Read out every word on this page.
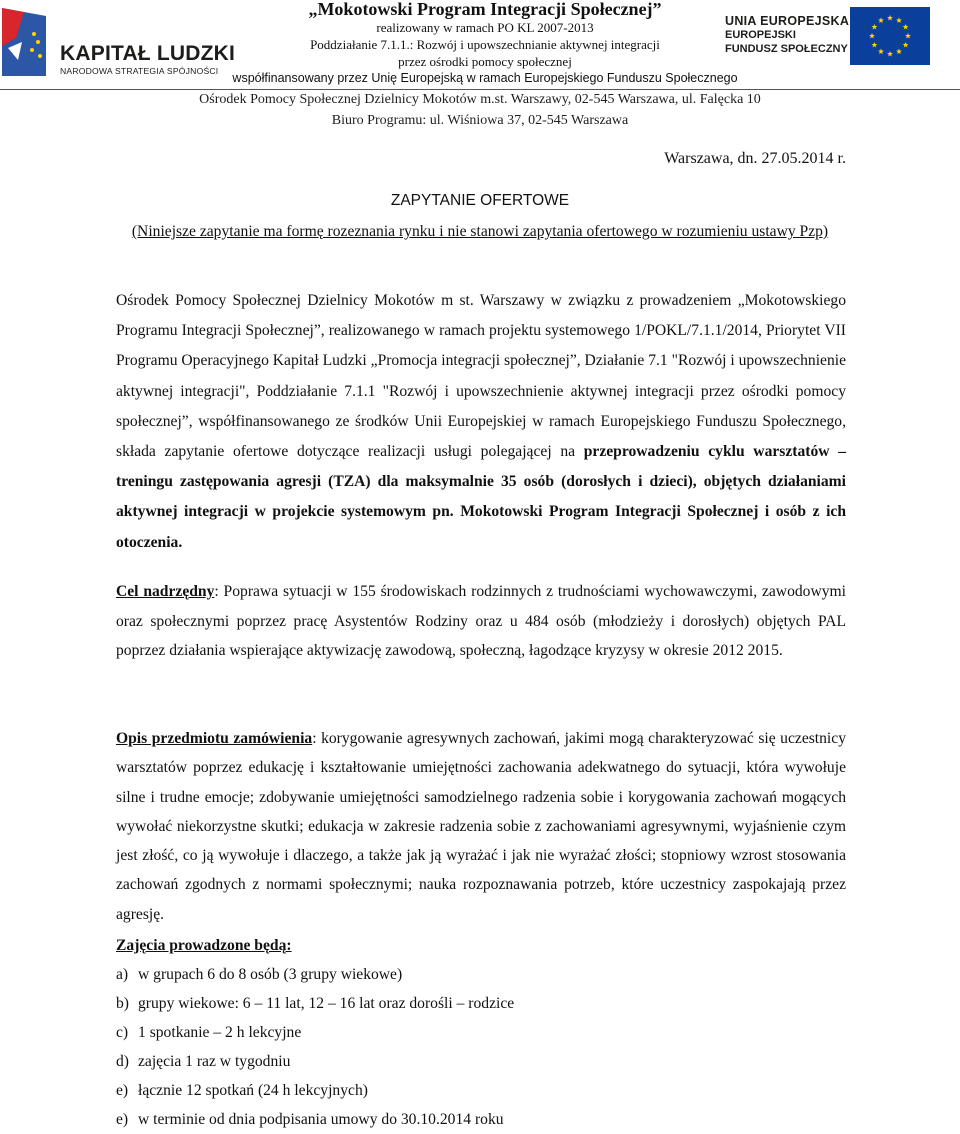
KAPITAŁ LUDZKI
NARODOWA STRATEGIA SPÓJNOŚCI
„Mokotowski Program Integracji Społecznej”
realizowany w ramach PO KL 2007-2013
Poddziałanie 7.1.1.: Rozwój i upowszechnianie aktywnej integracji
przez ośrodki pomocy społecznej
współfinansowany przez Unię Europejską w ramach Europejskiego Funduszu Społecznego
UNIA EUROPEJSKA
EUROPEJSKI
FUNDUSZ SPOŁECZNY
Ośrodek Pomocy Społecznej Dzielnicy Mokotów m.st. Warszawy, 02-545 Warszawa, ul. Falęcka 10
Biuro Programu: ul. Wiśniowa 37, 02-545 Warszawa
Warszawa, dn. 27.05.2014 r.
ZAPYTANIE OFERTOWE
(Niniejsze zapytanie ma formę rozeznania rynku i nie stanowi zapytania ofertowego w rozumieniu ustawy Pzp)
Ośrodek Pomocy Społecznej Dzielnicy Mokotów m st. Warszawy w związku z prowadzeniem „Mokotowskiego Programu Integracji Społecznej”, realizowanego w ramach projektu systemowego 1/POKL/7.1.1/2014, Priorytet VII Programu Operacyjnego Kapitał Ludzki „Promocja integracji społecznej”, Działanie 7.1 "Rozwój i upowszechnienie aktywnej integracji", Poddziałanie 7.1.1 "Rozwój i upowszechnienie aktywnej integracji przez ośrodki pomocy społecznej”, współfinansowanego ze środków Unii Europejskiej w ramach Europejskiego Funduszu Społecznego, składa zapytanie ofertowe dotyczące realizacji usługi polegającej na przeprowadzeniu cyklu warsztatów – treningu zastępowania agresji (TZA) dla maksymalnie 35 osób (dorosłych i dzieci), objętych działaniami aktywnej integracji w projekcie systemowym pn. Mokotowski Program Integracji Społecznej i osób z ich otoczenia.
Cel nadrzędny: Poprawa sytuacji w 155 środowiskach rodzinnych z trudnościami wychowawczymi, zawodowymi oraz społecznymi poprzez pracę Asystentów Rodziny oraz u 484 osób (młodzieży i dorosłych) objętych PAL poprzez działania wspierające aktywizację zawodową, społeczną, łagodzące kryzysy w okresie 2012 2015.
Opis przedmiotu zamówienia: korygowanie agresywnych zachowań, jakimi mogą charakteryzować się uczestnicy warsztatów poprzez edukację i kształtowanie umiejętności zachowania adekwatnego do sytuacji, która wywołuje silne i trudne emocje; zdobywanie umiejętności samodzielnego radzenia sobie i korygowania zachowań mogących wywołać niekorzystne skutki; edukacja w zakresie radzenia sobie z zachowaniami agresywnymi, wyjaśnienie czym jest złość, co ją wywołuje i dlaczego, a także jak ją wyrażać i jak nie wyrażać złości; stopniowy wzrost stosowania zachowań zgodnych z normami społecznymi; nauka rozpoznawania potrzeb, które uczestnicy zaspokajają przez agresję.
Zajęcia prowadzone będą:
a) w grupach 6 do 8 osób (3 grupy wiekowe)
b) grupy wiekowe: 6 – 11 lat, 12 – 16 lat oraz dorośli – rodzice
c) 1 spotkanie – 2 h lekcyjne
d) zajęcia 1 raz w tygodniu
e) łącznie 12 spotkań (24 h lekcyjnych)
e) w terminie od dnia podpisania umowy do 30.10.2014 roku
